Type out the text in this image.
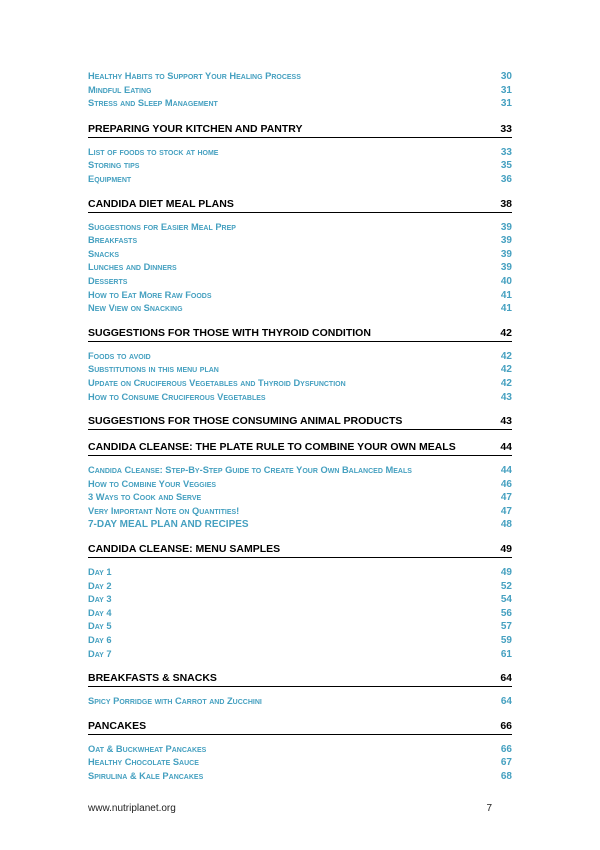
Healthy Habits to Support Your Healing Process	30
Mindful Eating	31
Stress and Sleep Management	31
PREPARING YOUR KITCHEN AND PANTRY	33
List of foods to stock at home	33
Storing tips	35
Equipment	36
CANDIDA DIET MEAL PLANS	38
Suggestions for Easier Meal Prep	39
Breakfasts	39
Snacks	39
Lunches and Dinners	39
Desserts	40
How to Eat More Raw Foods	41
New View on Snacking	41
SUGGESTIONS FOR THOSE WITH THYROID CONDITION	42
Foods to avoid	42
Substitutions in this menu plan	42
Update on Cruciferous Vegetables and Thyroid Dysfunction	42
How to Consume Cruciferous Vegetables	43
SUGGESTIONS FOR THOSE CONSUMING ANIMAL PRODUCTS	43
CANDIDA CLEANSE: THE PLATE RULE TO COMBINE YOUR OWN MEALS	44
Candida Cleanse: Step-By-Step Guide to Create Your Own Balanced Meals	44
How to Combine Your Veggies	46
3 Ways to Cook and Serve	47
Very Important Note on Quantities!	47
7-DAY MEAL PLAN AND RECIPES	48
CANDIDA CLEANSE: MENU SAMPLES	49
Day 1	49
Day 2	52
Day 3	54
Day 4	56
Day 5	57
Day 6	59
Day 7	61
BREAKFASTS & SNACKS	64
Spicy Porridge with Carrot and Zucchini	64
PANCAKES	66
Oat & Buckwheat Pancakes	66
Healthy Chocolate Sauce	67
Spirulina & Kale Pancakes	68
www.nutriplanet.org	7
